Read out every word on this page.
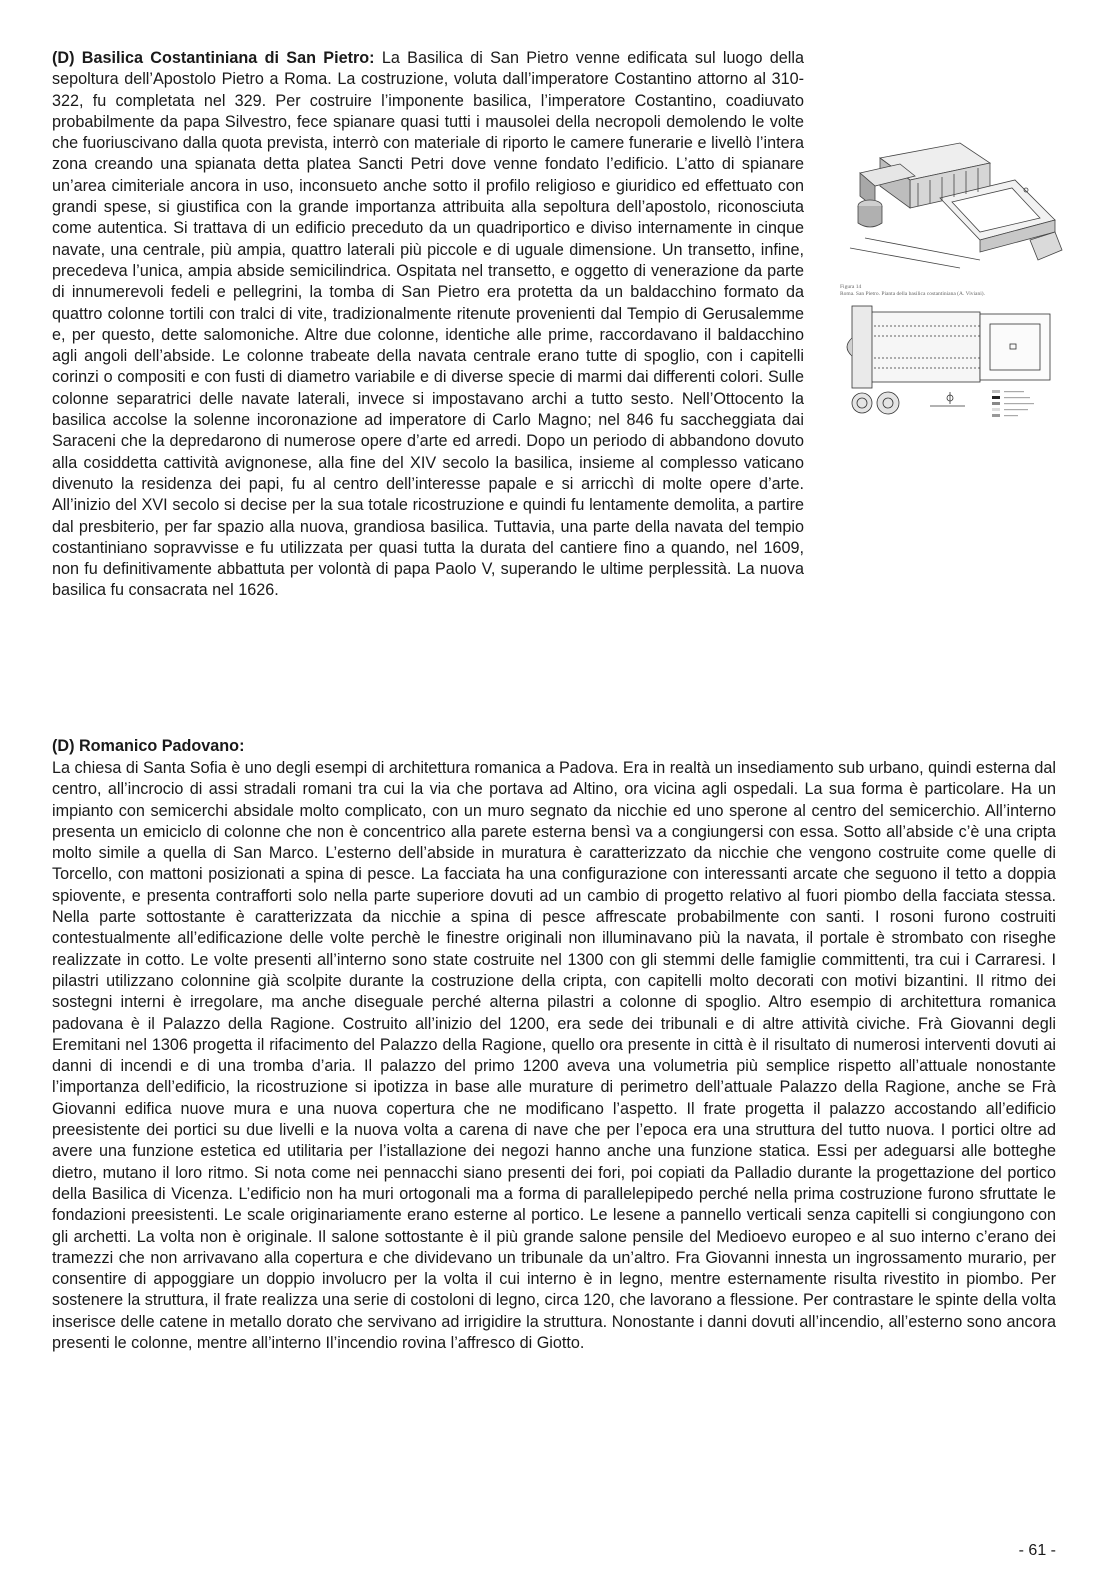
(D) Basilica Costantiniana di San Pietro: La Basilica di San Pietro venne edificata sul luogo della sepoltura dell’Apostolo Pietro a Roma. La costruzione, voluta dall’imperatore Costantino attorno al 310-322, fu completata nel 329. Per costruire l’imponente basilica, l’imperatore Costantino, coadiuvato probabilmente da papa Silvestro, fece spianare quasi tutti i mausolei della necropoli demolendo le volte che fuoriuscivano dalla quota prevista, interrò con materiale di riporto le camere funerarie e livellò l’intera zona creando una spianata detta platea Sancti Petri dove venne fondato l’edificio. L’atto di spianare un’area cimiteriale ancora in uso, inconsueto anche sotto il profilo religioso e giuridico ed effettuato con grandi spese, si giustifica con la grande importanza attribuita alla sepoltura dell’apostolo, riconosciuta come autentica. Si trattava di un edificio preceduto da un quadriportico e diviso internamente in cinque navate, una centrale, più ampia, quattro laterali più piccole e di uguale dimensione. Un transetto, infine, precedeva l’unica, ampia abside semicilindrica. Ospitata nel transetto, e oggetto di venerazione da parte di innumerevoli fedeli e pellegrini, la tomba di San Pietro era protetta da un baldacchino formato da quattro colonne tortili con tralci di vite, tradizionalmente ritenute provenienti dal Tempio di Gerusalemme e, per questo, dette salomoniche. Altre due colonne, identiche alle prime, raccordavano il baldacchino agli angoli dell’abside. Le colonne trabeate della navata centrale erano tutte di spoglio, con i capitelli corinzi o compositi e con fusti di diametro variabile e di diverse specie di marmi dai differenti colori. Sulle colonne separatrici delle navate laterali, invece si impostavano archi a tutto sesto. Nell’Ottocento la basilica accolse la solenne incoronazione ad imperatore di Carlo Magno; nel 846 fu saccheggiata dai Saraceni che la depredarono di numerose opere d’arte ed arredi. Dopo un periodo di abbandono dovuto alla cosiddetta cattività avignonese, alla fine del XIV secolo la basilica, insieme al complesso vaticano divenuto la residenza dei papi, fu al centro dell’interesse papale e si arricchì di molte opere d’arte. All’inizio del XVI secolo si decise per la sua totale ricostruzione e quindi fu lentamente demolita, a partire dal presbiterio, per far spazio alla nuova, grandiosa basilica. Tuttavia, una parte della navata del tempio costantiniano sopravvisse e fu utilizzata per quasi tutta la durata del cantiere fino a quando, nel 1609, non fu definitivamente abbattuta per volontà di papa Paolo V, superando le ultime perplessità. La nuova basilica fu consacrata nel 1626.

Figura 14
Roma. San Pietro. Pianta della basilica costantiniana (A. Viviani).

(D) Romanico Padovano:

La chiesa di Santa Sofia è uno degli esempi di architettura romanica a Padova. Era in realtà un insediamento sub urbano, quindi esterna dal centro, all’incrocio di assi stradali romani tra cui la via che portava ad Altino, ora vicina agli ospedali. La sua forma è particolare. Ha un impianto con semicerchi absidale molto complicato, con un muro segnato da nicchie ed uno sperone al centro del semicerchio. All’interno presenta un emiciclo di colonne che non è concentrico alla parete esterna bensì va a congiungersi con essa. Sotto all’abside c’è una cripta molto simile a quella di San Marco. L’esterno dell’abside in muratura è caratterizzato da nicchie che vengono costruite come quelle di Torcello, con mattoni posizionati a spina di pesce. La facciata ha una configurazione con interessanti arcate che seguono il tetto a doppia spiovente, e presenta contrafforti solo nella parte superiore dovuti ad un cambio di progetto relativo al fuori piombo della facciata stessa. Nella parte sottostante è caratterizzata da nicchie a spina di pesce affrescate probabilmente con santi. I rosoni furono costruiti contestualmente all’edificazione delle volte perchè le finestre originali non illuminavano più la navata, il portale è strombato con riseghe realizzate in cotto. Le volte presenti all’interno sono state costruite nel 1300 con gli stemmi delle famiglie committenti, tra cui i Carraresi. I pilastri utilizzano colonnine già scolpite durante la costruzione della cripta, con capitelli molto decorati con motivi bizantini. Il ritmo dei sostegni interni è irregolare, ma anche diseguale perché alterna pilastri a colonne di spoglio. Altro esempio di architettura romanica padovana è il Palazzo della Ragione. Costruito all’inizio del 1200, era sede dei tribunali e di altre attività civiche. Frà Giovanni degli Eremitani nel 1306 progetta il rifacimento del Palazzo della Ragione, quello ora presente in città è il risultato di numerosi interventi dovuti ai danni di incendi e di una tromba d’aria. Il palazzo del primo 1200 aveva una volumetria più semplice rispetto all’attuale nonostante l’importanza dell’edificio, la ricostruzione si ipotizza in base alle murature di perimetro dell’attuale Palazzo della Ragione, anche se Frà Giovanni edifica nuove mura e una nuova copertura che ne modificano l’aspetto. Il frate progetta il palazzo accostando all’edificio preesistente dei portici su due livelli e la nuova volta a carena di nave che per l’epoca era una struttura del tutto nuova. I portici oltre ad avere una funzione estetica ed utilitaria per l’istallazione dei negozi hanno anche una funzione statica. Essi per adeguarsi alle botteghe dietro, mutano il loro ritmo. Si nota come nei pennacchi siano presenti dei fori, poi copiati da Palladio durante la progettazione del portico della Basilica di Vicenza. L’edificio non ha muri ortogonali ma a forma di parallelepipedo perché nella prima costruzione furono sfruttate le fondazioni preesistenti. Le scale originariamente erano esterne al portico. Le lesene a pannello verticali senza capitelli si congiungono con gli archetti. La volta non è originale. Il salone sottostante è il più grande salone pensile del Medioevo europeo e al suo interno c’erano dei tramezzi che non arrivavano alla copertura e che dividevano un tribunale da un’altro. Fra Giovanni innesta un ingrossamento murario, per consentire di appoggiare un doppio involucro per la volta il cui interno è in legno, mentre esternamente risulta rivestito in piombo. Per sostenere la struttura, il frate realizza una serie di costoloni di legno, circa 120, che lavorano a flessione. Per contrastare le spinte della volta inserisce delle catene in metallo dorato che servivano ad irrigidire la struttura. Nonostante i danni dovuti all’incendio, all’esterno sono ancora presenti le colonne, mentre all’interno Il’incendio rovina l’affresco di Giotto.

- 61 -
